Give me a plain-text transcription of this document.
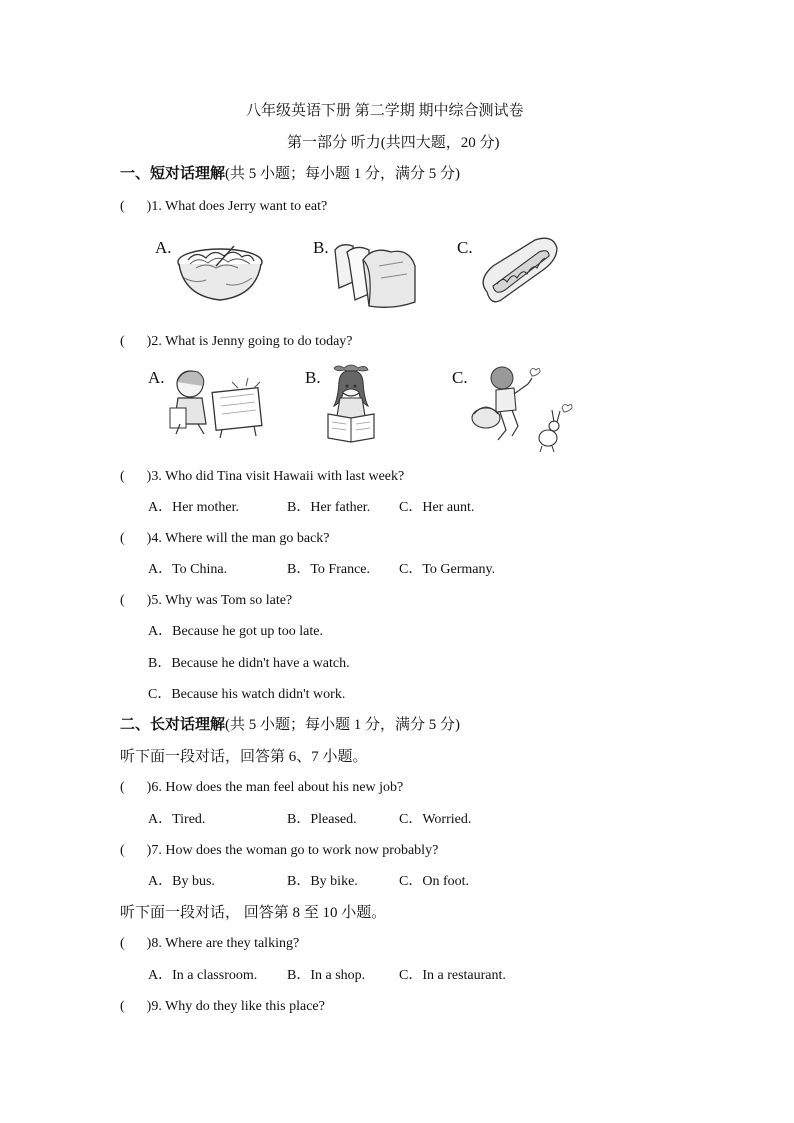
八年级英语下册 第二学期 期中综合测试卷
第一部分 听力(共四大题，20 分)
一、短对话理解(共 5 小题；每小题 1 分，满分 5 分)
( )1. What does Jerry want to eat?
A.	B.	C.
( )2. What is Jenny going to do today?
A.	B.	C.
( )3. Who did Tina visit Hawaii with last week?
A．Her mother.	B．Her father. C．Her aunt.
( )4. Where will the man go back?
A．To China.	B．To France. C．To Germany.
( )5. Why was Tom so late?
A．Because he got up too late.
B．Because he didn't have a watch.
C．Because his watch didn't work.
二、长对话理解(共 5 小题；每小题 1 分，满分 5 分)
听下面一段对话，回答第 6、7 小题。
( )6. How does the man feel about his new job?
A．Tired.	B．Pleased.	C．Worried.
( )7. How does the woman go to work now probably?
A．By bus.	B．By bike.	C．On foot.
听下面一段对话， 回答第 8 至 10 小题。
( )8. Where are they talking?
A．In a classroom. B．In a shop. C．In a restaurant.
( )9. Why do they like this place?
